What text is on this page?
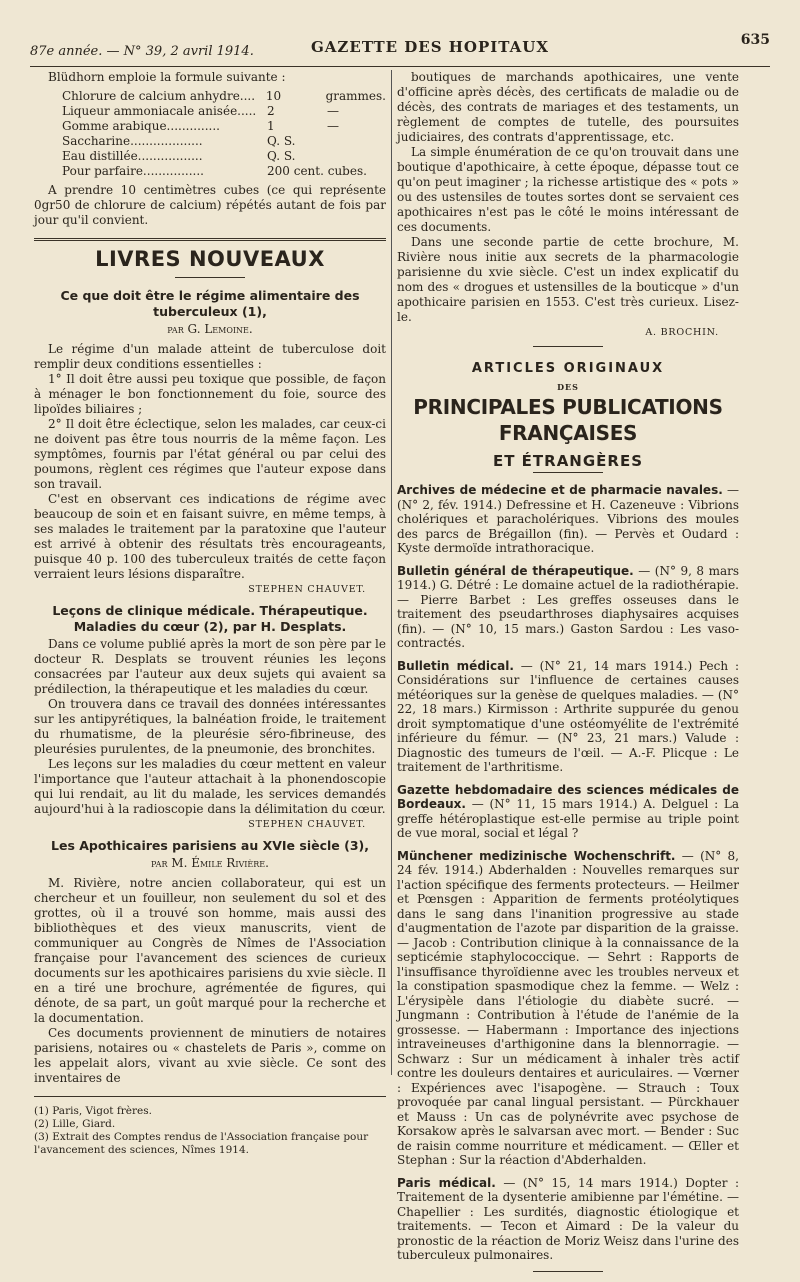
87e année. — N° 39, 2 avril 1914.	GAZETTE DES HOPITAUX	635

Blüdhorn emploie la formule suivante :

Chlorure de calcium anhydre.... 10	grammes.
Liqueur ammoniacale anisée..... 2	—
Gomme arabique..............	1	—
Saccharine...................	Q. S.
Eau distillée.................	Q. S.
Pour parfaire................	200 cent. cubes.

A prendre 10 centimètres cubes (ce qui représente 0gr50 de chlorure de calcium) répétés autant de fois par jour qu'il convient.

LIVRES NOUVEAUX
Ce que doit être le régime alimentaire des tuberculeux (1),
par G. Lemoine.

Le régime d'un malade atteint de tuberculose doit remplir deux conditions essentielles :

1° Il doit être aussi peu toxique que possible, de façon à ménager le bon fonctionnement du foie, source des lipoïdes biliaires ;

2° Il doit être éclectique, selon les malades, car ceux-ci ne doivent pas être tous nourris de la même façon. Les symptômes, fournis par l'état général ou par celui des poumons, règlent ces régimes que l'auteur expose dans son travail.

C'est en observant ces indications de régime avec beaucoup de soin et en faisant suivre, en même temps, à ses malades le traitement par la paratoxine que l'auteur est arrivé à obtenir des résultats très encourageants, puisque 40 p. 100 des tuberculeux traités de cette façon verraient leurs lésions disparaître.

STEPHEN CHAUVET.
Leçons de clinique médicale. Thérapeutique. Maladies du cœur (2), par H. Desplats.

Dans ce volume publié après la mort de son père par le docteur R. Desplats se trouvent réunies les leçons consacrées par l'auteur aux deux sujets qui avaient sa prédilection, la thérapeutique et les maladies du cœur.

On trouvera dans ce travail des données intéressantes sur les antipyrétiques, la balnéation froide, le traitement du rhumatisme, de la pleurésie séro-fibrineuse, des pleurésies purulentes, de la pneumonie, des bronchites.

Les leçons sur les maladies du cœur mettent en valeur l'importance que l'auteur attachait à la phonendoscopie qui lui rendait, au lit du malade, les services demandés aujourd'hui à la radioscopie dans la délimitation du cœur.

STEPHEN CHAUVET.
Les Apothicaires parisiens au XVIe siècle (3),
par M. Émile Rivière.

M. Rivière, notre ancien collaborateur, qui est un chercheur et un fouilleur, non seulement du sol et des grottes, où il a trouvé son homme, mais aussi des bibliothèques et des vieux manuscrits, vient de communiquer au Congrès de Nîmes de l'Association française pour l'avancement des sciences de curieux documents sur les apothicaires parisiens du xvie siècle. Il en a tiré une brochure, agrémentée de figures, qui dénote, de sa part, un goût marqué pour la recherche et la documentation.

Ces documents proviennent de minutiers de notaires parisiens, notaires ou « chastelets de Paris », comme on les appelait alors, vivant au xvie siècle. Ce sont des inventaires de

(1) Paris, Vigot frères.
(2) Lille, Giard.
(3) Extrait des Comptes rendus de l'Association française pour l'avancement des sciences, Nîmes 1914.

boutiques de marchands apothicaires, une vente d'officine après décès, des certificats de maladie ou de décès, des contrats de mariages et des testaments, un règlement de comptes de tutelle, des poursuites judiciaires, des contrats d'apprentissage, etc.

La simple énumération de ce qu'on trouvait dans une boutique d'apothicaire, à cette époque, dépasse tout ce qu'on peut imaginer ; la richesse artistique des « pots » ou des ustensiles de toutes sortes dont se servaient ces apothicaires n'est pas le côté le moins intéressant de ces documents.

Dans une seconde partie de cette brochure, M. Rivière nous initie aux secrets de la pharmacologie parisienne du xvie siècle. C'est un index explicatif du nom des « drogues et ustensilles de la bouticque » d'un apothicaire parisien en 1553. C'est très curieux. Lisez-le.

A. BROCHIN.
ARTICLES ORIGINAUX
DES
PRINCIPALES PUBLICATIONS FRANÇAISES
ET ÉTRANGÈRES

Archives de médecine et de pharmacie navales. — (N° 2, fév. 1914.) Defressine et H. Cazeneuve : Vibrions cholériques et paracholériques. Vibrions des moules des parcs de Brégaillon (fin). — Pervès et Oudard : Kyste dermoïde intrathoracique.

Bulletin général de thérapeutique. — (N° 9, 8 mars 1914.) G. Détré : Le domaine actuel de la radiothérapie. — Pierre Barbet : Les greffes osseuses dans le traitement des pseudarthroses diaphysaires acquises (fin). — (N° 10, 15 mars.) Gaston Sardou : Les vaso-contractés.

Bulletin médical. — (N° 21, 14 mars 1914.) Pech : Considérations sur l'influence de certaines causes météoriques sur la genèse de quelques maladies. — (N° 22, 18 mars.) Kirmisson : Arthrite suppurée du genou droit symptomatique d'une ostéomyélite de l'extrémité inférieure du fémur. — (N° 23, 21 mars.) Valude : Diagnostic des tumeurs de l'œil. — A.-F. Plicque : Le traitement de l'arthritisme.

Gazette hebdomadaire des sciences médicales de Bordeaux. — (N° 11, 15 mars 1914.) A. Delguel : La greffe hétéroplastique est-elle permise au triple point de vue moral, social et légal ?

Münchener medizinische Wochenschrift. — (N° 8, 24 fév. 1914.) Abderhalden : Nouvelles remarques sur l'action spécifique des ferments protecteurs. — Heilmer et Pœnsgen : Apparition de ferments protéolytiques dans le sang dans l'inanition progressive au stade d'augmentation de l'azote par disparition de la graisse. — Jacob : Contribution clinique à la connaissance de la septicémie staphylococcique. — Sehrt : Rapports de l'insuffisance thyroïdienne avec les troubles nerveux et la constipation spasmodique chez la femme. — Welz : L'érysipèle dans l'étiologie du diabète sucré. — Jungmann : Contribution à l'étude de l'anémie de la grossesse. — Habermann : Importance des injections intraveineuses d'arthigonine dans la blennorragie. — Schwarz : Sur un médicament à inhaler très actif contre les douleurs dentaires et auriculaires. — Vœrner : Expériences avec l'isapogène. — Strauch : Toux provoquée par canal lingual persistant. — Pürckhauer et Mauss : Un cas de polynévrite avec psychose de Korsakow après le salvarsan avec mort. — Bender : Suc de raisin comme nourriture et médicament. — Œller et Stephan : Sur la réaction d'Abderhalden.

Paris médical. — (N° 15, 14 mars 1914.) Dopter : Traitement de la dysenterie amibienne par l'émétine. — Chapellier : Les surdités, diagnostic étiologique et traitements. — Tecon et Aimard : De la valeur du pronostic de la réaction de Moriz Weisz dans l'urine des tuberculeux pulmonaires.
